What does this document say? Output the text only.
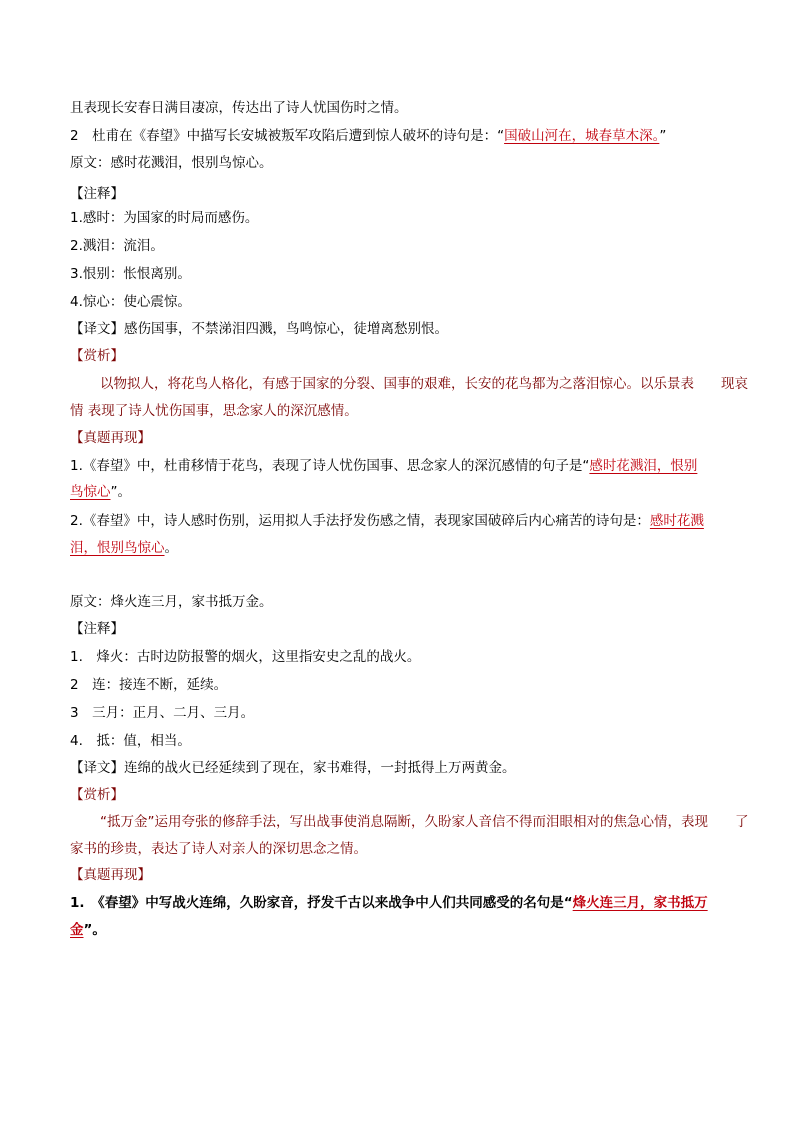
且表现长安春日满目凄凉，传达出了诗人忧国伤时之情。
2　杜甫在《春望》中描写长安城被叛军攻陷后遭到惊人破坏的诗句是：“国破山河在，城春草木深。”
原文：感时花溅泪，恨别鸟惊心。
【注释】
1.感时：为国家的时局而感伤。
2.溅泪：流泪。
3.恨别：怅恨离别。
4.惊心：使心震惊。
【译文】感伤国事，不禁涕泪四溅，鸟鸣惊心，徒增离愁别恨。
【赏析】
以物拟人，将花鸟人格化，有感于国家的分裂、国事的艰难，长安的花鸟都为之落泪惊心。以乐景表　　现哀
情 表现了诗人忧伤国事，思念家人的深沉感情。
【真题再现】
1.《春望》中，杜甫移情于花鸟，表现了诗人忧伤国事、思念家人的深沉感情的句子是“感时花溅泪，恨别
鸟惊心”。
2.《春望》中，诗人感时伤别，运用拟人手法抒发伤感之情，表现家国破碎后内心痛苦的诗句是：感时花溅
泪，恨别鸟惊心。
原文：烽火连三月，家书抵万金。
【注释】
1.　烽火：古时边防报警的烟火，这里指安史之乱的战火。
2　连：接连不断，延续。
3　三月：正月、二月、三月。
4.　抵：值，相当。
【译文】连绵的战火已经延续到了现在，家书难得，一封抵得上万两黄金。
【赏析】
“抵万金”运用夸张的修辞手法，写出战事使消息隔断，久盼家人音信不得而泪眼相对的焦急心情，表现　　了
家书的珍贵，表达了诗人对亲人的深切思念之情。
【真题再现】
1.　《春望》中写战火连绵，久盼家音，抒发千古以来战争中人们共同感受的名句是“烽火连三月，家书抵万
金”。
